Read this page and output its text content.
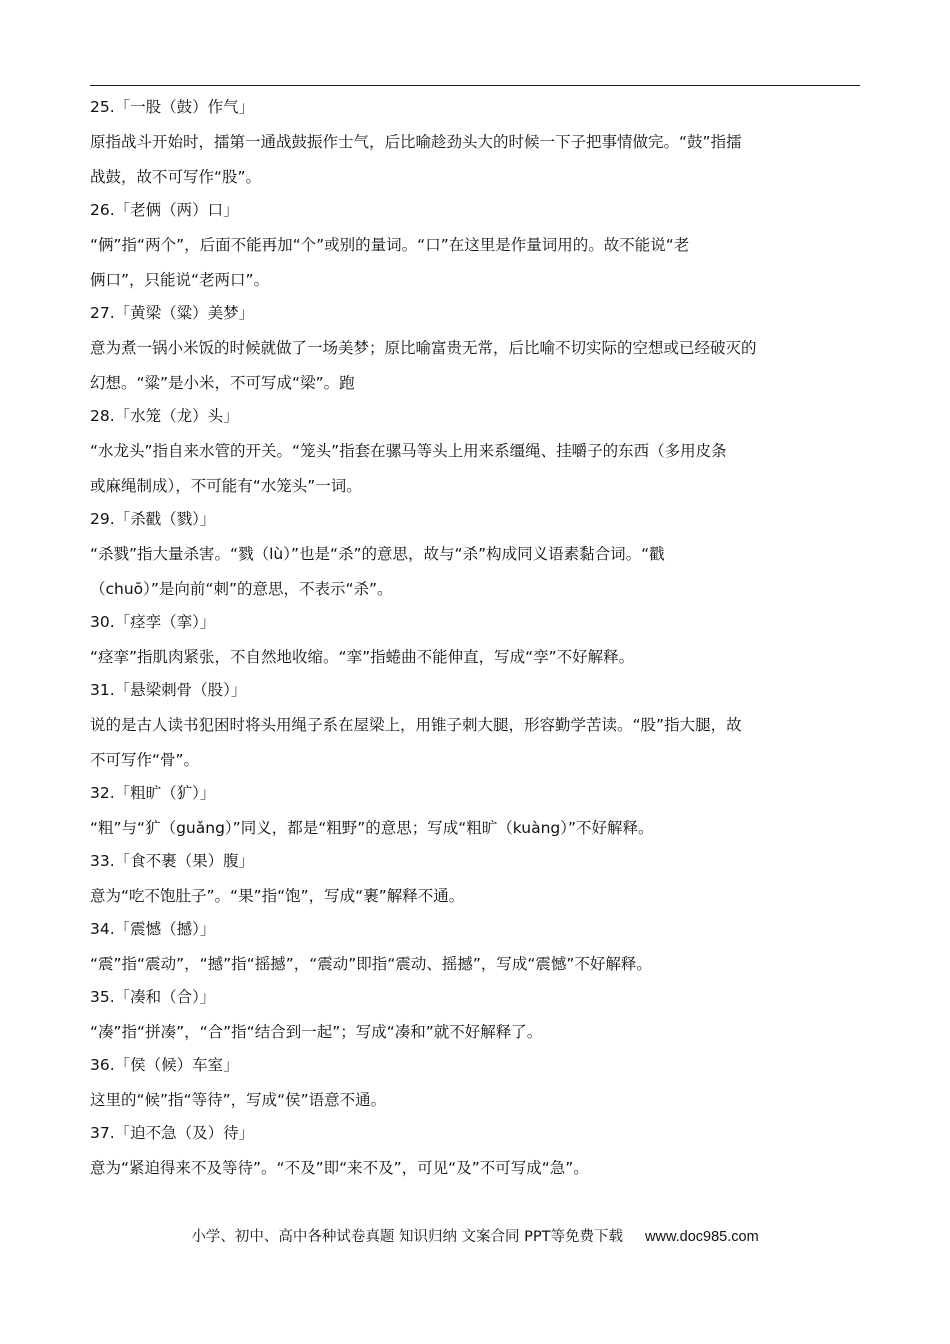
25.「一股（鼓）作气」
原指战斗开始时，擂第一通战鼓振作士气，后比喻趁劲头大的时候一下子把事情做完。“鼓”指擂
战鼓，故不可写作“股”。
26.「老俩（两）口」
“俩”指“两个”，后面不能再加“个”或别的量词。“口”在这里是作量词用的。故不能说“老
俩口”，只能说“老两口”。
27.「黄梁（粱）美梦」
意为煮一锅小米饭的时候就做了一场美梦；原比喻富贵无常，后比喻不切实际的空想或已经破灭的
幻想。“粱”是小米，不可写成“梁”。跑
28.「水笼（龙）头」
“水龙头”指自来水管的开关。“笼头”指套在骡马等头上用来系缰绳、挂嚼子的东西（多用皮条
或麻绳制成），不可能有“水笼头”一词。
29.「杀戳（戮）」
“杀戮”指大量杀害。“戮（lù）”也是“杀”的意思，故与“杀”构成同义语素黏合词。“戳
（chuō）”是向前“刺”的意思，不表示“杀”。
30.「痉孪（挛）」
“痉挛”指肌肉紧张，不自然地收缩。“挛”指蜷曲不能伸直，写成“孪”不好解释。
31.「悬梁刺骨（股）」
说的是古人读书犯困时将头用绳子系在屋梁上，用锥子刺大腿，形容勤学苦读。“股”指大腿，故
不可写作“骨”。
32.「粗旷（犷）」
“粗”与“犷（guǎng）”同义，都是“粗野”的意思；写成“粗旷（kuàng）”不好解释。
33.「食不裹（果）腹」
意为“吃不饱肚子”。“果”指“饱”，写成“裹”解释不通。
34.「震憾（撼）」
“震”指“震动”，“撼”指“摇撼”，“震动”即指“震动、摇撼”，写成“震憾”不好解释。
35.「凑和（合）」
“凑”指“拼凑”，“合”指“结合到一起”；写成“凑和”就不好解释了。
36.「侯（候）车室」
这里的“候”指“等待”，写成“侯”语意不通。
37.「迫不急（及）待」
意为“紧迫得来不及等待”。“不及”即“来不及”，可见“及”不可写成“急”。
小学、初中、高中各种试卷真题 知识归纳 文案合同 PPT等免费下载 www.doc985.com
